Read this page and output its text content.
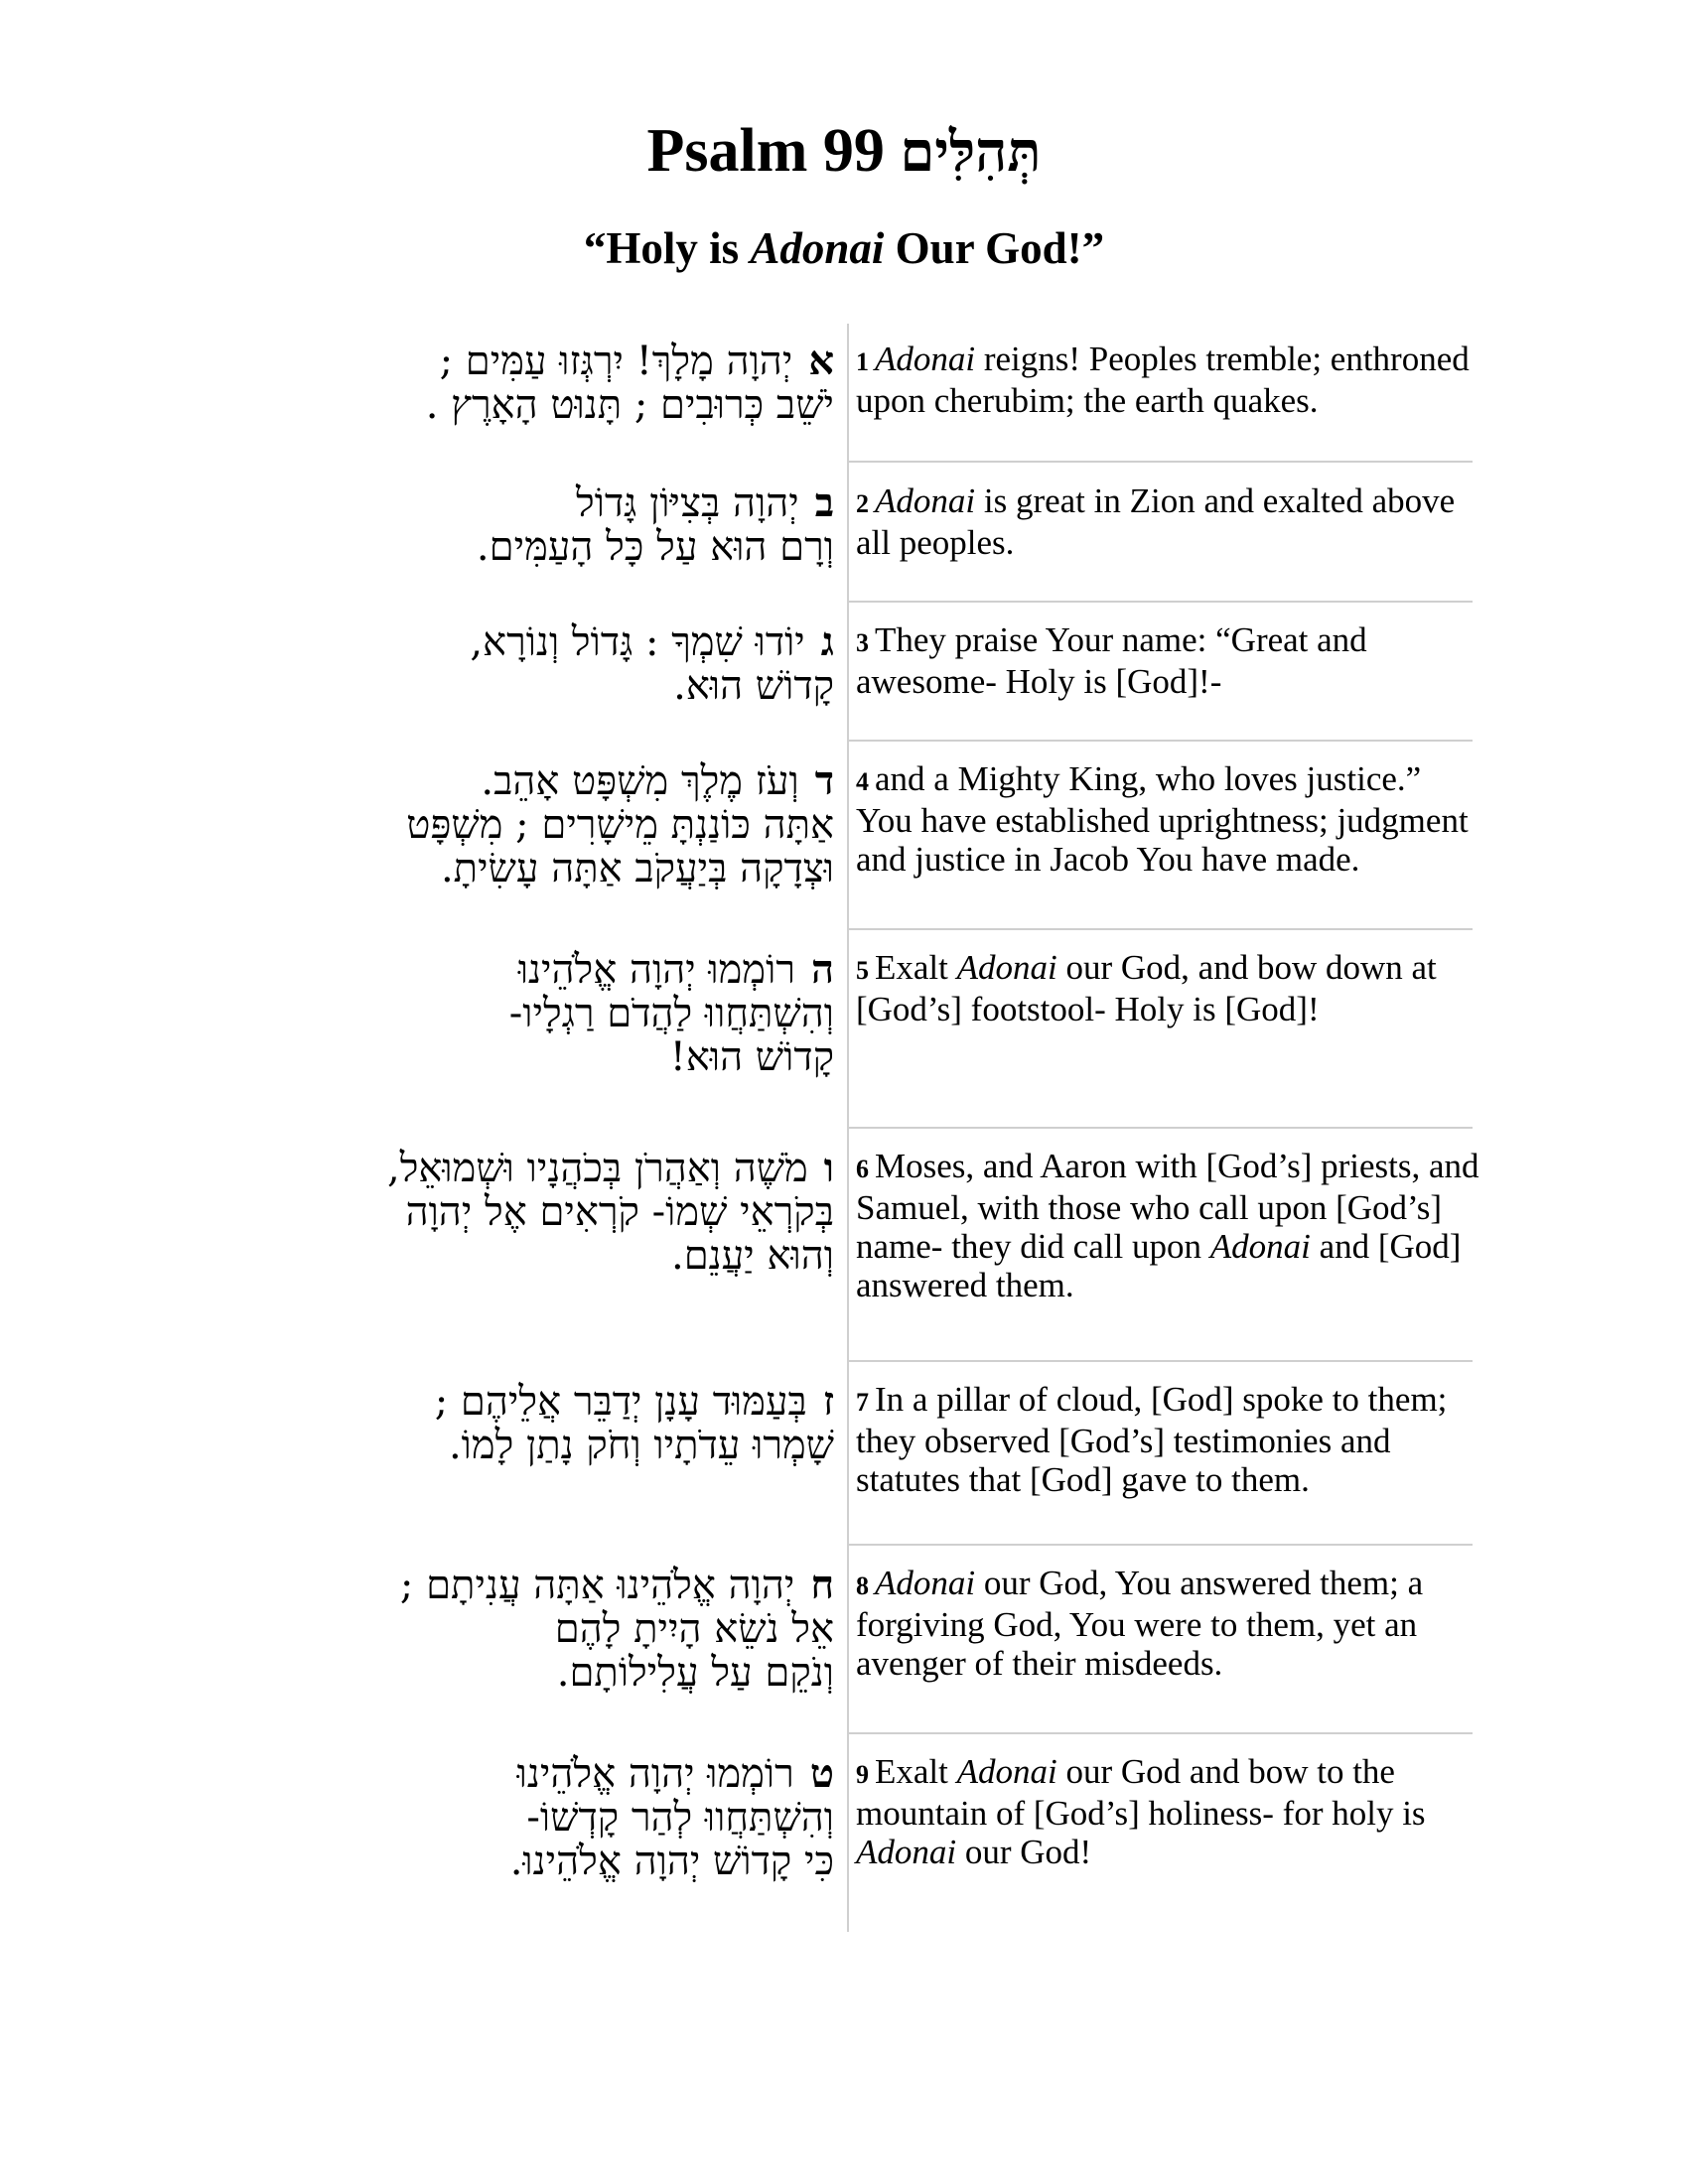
Psalm 99 תְּהִלִּים
“Holy is Adonai Our God!”
איְהוָה מָלָךְ! יִרְגְּזוּ עַמִּים ;
יֹשֵׁב כְּרוּבִים ; תָּנוּט הָאָרֶץ .
1 Adonai reigns! Peoples tremble; enthroned upon cherubim; the earth quakes.
ביְהוָה בְּצִיּוֹן גָּדוֹל
וְרָם הוּא עַל כָּל הָעַמִּים.
2 Adonai is great in Zion and exalted above all peoples.
גיוֹדוּ שִׁמְךָ : גָּדוֹל וְנוֹרָא,
קָדוֹשׁ הוּא.
3 They praise Your name: “Great and awesome- Holy is [God]!-
דוְעֹז מֶלֶךְ מִשְׁפָּט אָהֵב.
אַתָּה כּוֹנַנְתָּ מֵישָׁרִים ; מִשְׁפָּט
וּצְדָקָה בְּיַעֲקֹב אַתָּה עָשִׂיתָ.
4 and a Mighty King, who loves justice.” You have established uprightness; judgment and justice in Jacob You have made.
הרוֹמְמוּ יְהוָה אֱלֹהֵינוּ
וְהִשְׁתַּחֲווּ לַהֲדֹם רַגְלָיו-
קָדוֹשׁ הוּא!
5 Exalt Adonai our God, and bow down at [God’s] footstool- Holy is [God]!
ומֹשֶׁה וְאַהֲרֹן בְּכֹהֲנָיו וּשְׁמוּאֵל,
בְּקֹרְאֵי שְׁמוֹ- קֹרְאִים אֶל יְהוָה
וְהוּא יַעֲנֵם.
6 Moses, and Aaron with [God’s] priests, and Samuel, with those who call upon [God’s] name- they did call upon Adonai and [God] answered them.
זבְּעַמּוּד עָנָן יְדַבֵּר אֲלֵיהֶם ;
שָׁמְרוּ עֵדֹתָיו וְחֹק נָתַן לָמוֹ.
7 In a pillar of cloud, [God] spoke to them; they observed [God’s] testimonies and statutes that [God] gave to them.
חיְהוָה אֱלֹהֵינוּ אַתָּה עֲנִיתָם ;
אֵל נֹשֵׂא הָיִיתָ לָהֶם
וְנֹקֵם עַל עֲלִילוֹתָם.
8 Adonai our God, You answered them; a forgiving God, You were to them, yet an avenger of their misdeeds.
טרוֹמְמוּ יְהוָה אֱלֹהֵינוּ
וְהִשְׁתַּחֲווּ לְהַר קָדְשׁוֹ-
כִּי קָדוֹשׁ יְהוָה אֱלֹהֵינוּ.
9 Exalt Adonai our God and bow to the mountain of [God’s] holiness- for holy is Adonai our God!
